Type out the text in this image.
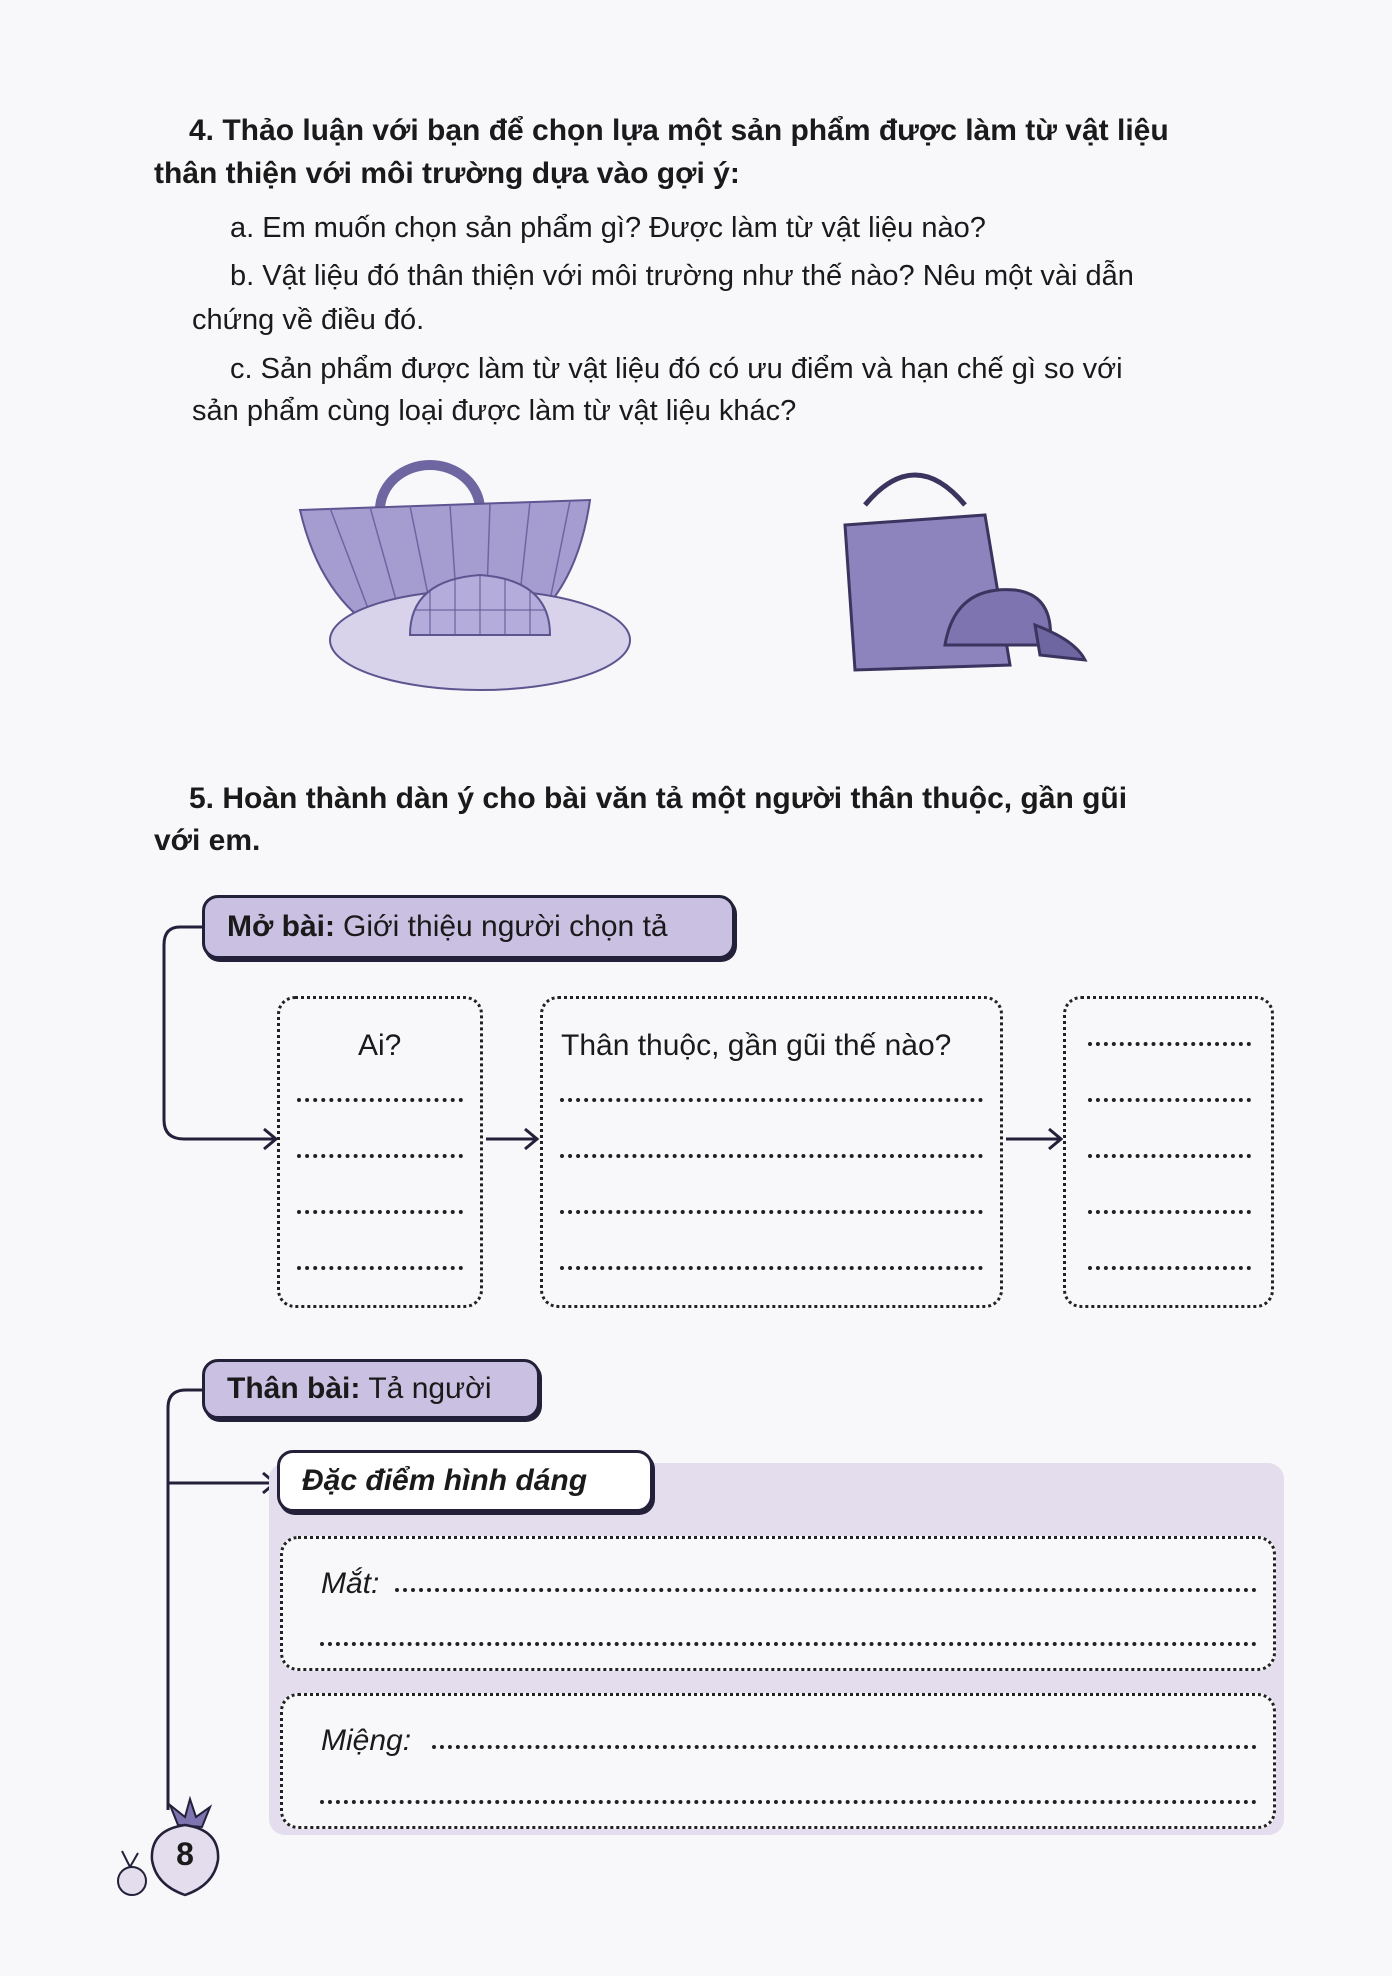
4. Thảo luận với bạn để chọn lựa một sản phẩm được làm từ vật liệu
thân thiện với môi trường dựa vào gợi ý:
a. Em muốn chọn sản phẩm gì? Được làm từ vật liệu nào?
b. Vật liệu đó thân thiện với môi trường như thế nào? Nêu một vài dẫn
chứng về điều đó.
c. Sản phẩm được làm từ vật liệu đó có ưu điểm và hạn chế gì so với
sản phẩm cùng loại được làm từ vật liệu khác?
5. Hoàn thành dàn ý cho bài văn tả một người thân thuộc, gần gũi
với em.
Mở bài: Giới thiệu người chọn tả
Ai?	Thân thuộc, gần gũi thế nào?
Thân bài: Tả người
Đặc điểm hình dáng
Mắt:
Miệng:
8
